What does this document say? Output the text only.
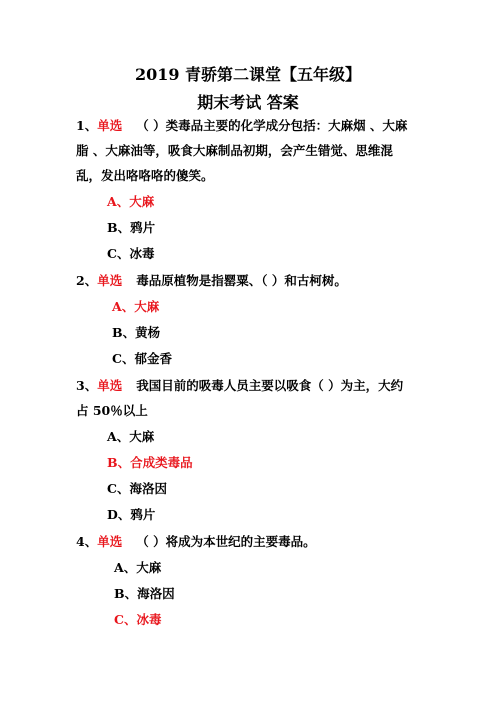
2019 青骄第二课堂【五年级】
期末考试 答案
1、单选 （ ）类毒品主要的化学成分包括：大麻烟 、大麻
脂 、大麻油等，吸食大麻制品初期，会产生错觉、思维混
乱，发出咯咯咯的傻笑。
A、大麻
B、鸦片
C、冰毒
2、单选 毒品原植物是指罂粟、（ ）和古柯树。
A、大麻
B、黄杨
C、郁金香
3、单选 我国目前的吸毒人员主要以吸食（ ）为主，大约
占 50％以上
A、大麻
B、合成类毒品
C、海洛因
D、鸦片
4、单选 （ ）将成为本世纪的主要毒品。
A、大麻
B、海洛因
C、冰毒
